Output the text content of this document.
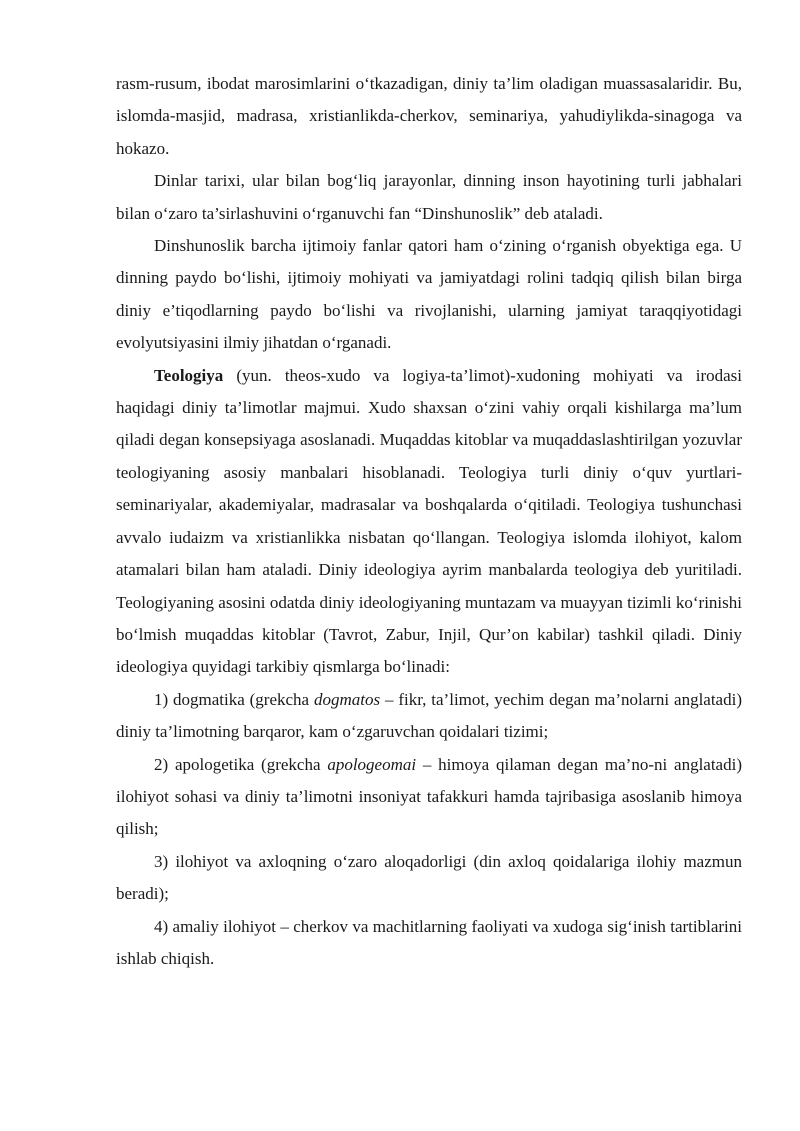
rasm-rusum, ibodat marosimlarini o‘tkazadigan, diniy ta’lim oladigan muassasalaridir. Bu, islomda-masjid, madrasa, xristianlikda-cherkov, seminariya, yahudiylikda-sinagoga va hokazo.

Dinlar tarixi, ular bilan bog‘liq jarayonlar, dinning inson hayotining turli jabhalari bilan o‘zaro ta’sirlashuvini o‘rganuvchi fan “Dinshunoslik” deb ataladi.

Dinshunoslik barcha ijtimoiy fanlar qatori ham o‘zining o‘rganish obyektiga ega. U dinning paydo bo‘lishi, ijtimoiy mohiyati va jamiyatdagi rolini tadqiq qilish bilan birga diniy e’tiqodlarning paydo bo‘lishi va rivojlanishi, ularning jamiyat taraqqiyotidagi evolyutsiyasini ilmiy jihatdan o‘rganadi.

Teologiya (yun. theos-xudo va logiya-ta’limot)-xudoning mohiyati va irodasi haqidagi diniy ta’limotlar majmui. Xudo shaxsan o‘zini vahiy orqali kishilarga ma’lum qiladi degan konsepsiyaga asoslanadi. Muqaddas kitoblar va muqaddaslashtirilgan yozuvlar teologiyaning asosiy manbalari hisoblanadi. Teologiya turli diniy o‘quv yurtlari-seminariyalar, akademiyalar, madrasalar va boshqalarda o‘qitiladi. Teologiya tushunchasi avvalo iudaizm va xristianlikka nisbatan qo‘llangan. Teologiya islomda ilohiyot, kalom atamalari bilan ham ataladi. Diniy ideologiya ayrim manbalarda teologiya deb yuritiladi. Teologiyaning asosini odatda diniy ideologiyaning muntazam va muayyan tizimli ko‘rinishi bo‘lmish muqaddas kitoblar (Tavrot, Zabur, Injil, Qur’on kabilar) tashkil qiladi. Diniy ideologiya quyidagi tarkibiy qismlarga bo‘linadi:

1) dogmatika (grekcha dogmatos – fikr, ta’limot, yechim degan ma’nolarni anglatadi) diniy ta’limotning barqaror, kam o‘zgaruvchan qoidalari tizimi;

2) apologetika (grekcha apologeomai – himoya qilaman degan ma’no-ni anglatadi) ilohiyot sohasi va diniy ta’limotni insoniyat tafakkuri hamda tajribasiga asoslanib himoya qilish;

3) ilohiyot va axloqning o‘zaro aloqadorligi (din axloq qoidalariga ilohiy mazmun beradi);

4) amaliy ilohiyot – cherkov va machitlarning faoliyati va xudoga sig‘inish tartiblarini ishlab chiqish.
